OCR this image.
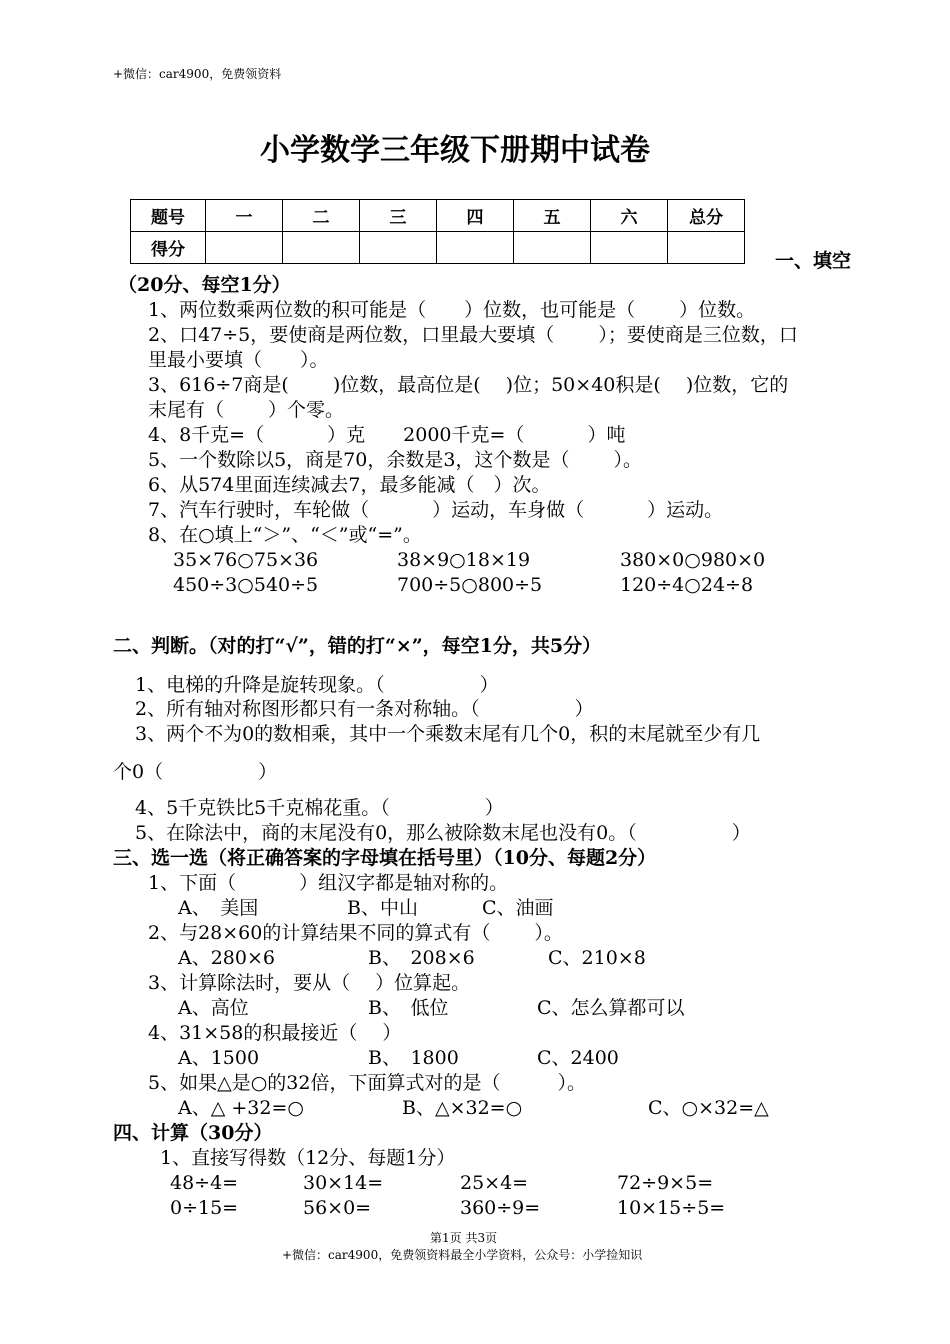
+微信：car4900，免费领资料
小学数学三年级下册期中试卷
题号	一	二	三	四	五	六	总分
得分								一、填空
（20分、每空1分）
1、两位数乘两位数的积可能是（　　）位数，也可能是（　　 ）位数。
2、口47÷5，要使商是两位数，口里最大要填（　　 ）；要使商是三位数，口
里最小要填（　　）。
3、616÷7商是(　　 )位数，最高位是(　 )位；50×40积是(　 )位数，它的
末尾有（　　 ）个零。
4、8千克=（　　　 ）克　　2000千克=（　　　 ）吨
5、一个数除以5，商是70，余数是3，这个数是（　　 ）。
6、从574里面连续减去7，最多能减（　）次。
7、汽车行驶时，车轮做（　　　 ）运动，车身做（　　　 ）运动。
8、在○填上“＞”、“＜”或“=”。
35×76○75×36	38×9○18×19	380×0○980×0
450÷3○540÷5	700÷5○800÷5	120÷4○24÷8
二、判断。（对的打“√”，错的打“×”，每空1分，共5分）
1、电梯的升降是旋转现象。（　　　　　）
2、所有轴对称图形都只有一条对称轴。（　　　　　）
3、两个不为0的数相乘，其中一个乘数末尾有几个0，积的末尾就至少有几
个0（　　　　　）
4、5千克铁比5千克棉花重。（　　　　　）
5、在除法中，商的末尾没有0，那么被除数末尾也没有0。（　　　　　）
三、选一选（将正确答案的字母填在括号里）（10分、每题2分）
1、下面（　　　 ）组汉字都是轴对称的。
A、　美国	B、中山	C、油画
2、与28×60的计算结果不同的算式有（　　 ）。
A、280×6	B、　208×6	C、210×8
3、计算除法时，要从（　 ）位算起。
A、高位	B、　低位	C、怎么算都可以
4、31×58的积最接近（　 ）
A、1500	B、　1800	C、2400
5、如果△是○的32倍，下面算式对的是（　　　）。
A、△ +32=○	B、△×32=○	C、○×32=△
四、计算（30分）
1、直接写得数（12分、每题1分）
48÷4=	30×14=	25×4=	72÷9×5=
0÷15=	56×0=	360÷9=	10×15÷5=
第1页 共3页
+微信：car4900，免费领资料最全小学资料，公众号：小学捡知识
